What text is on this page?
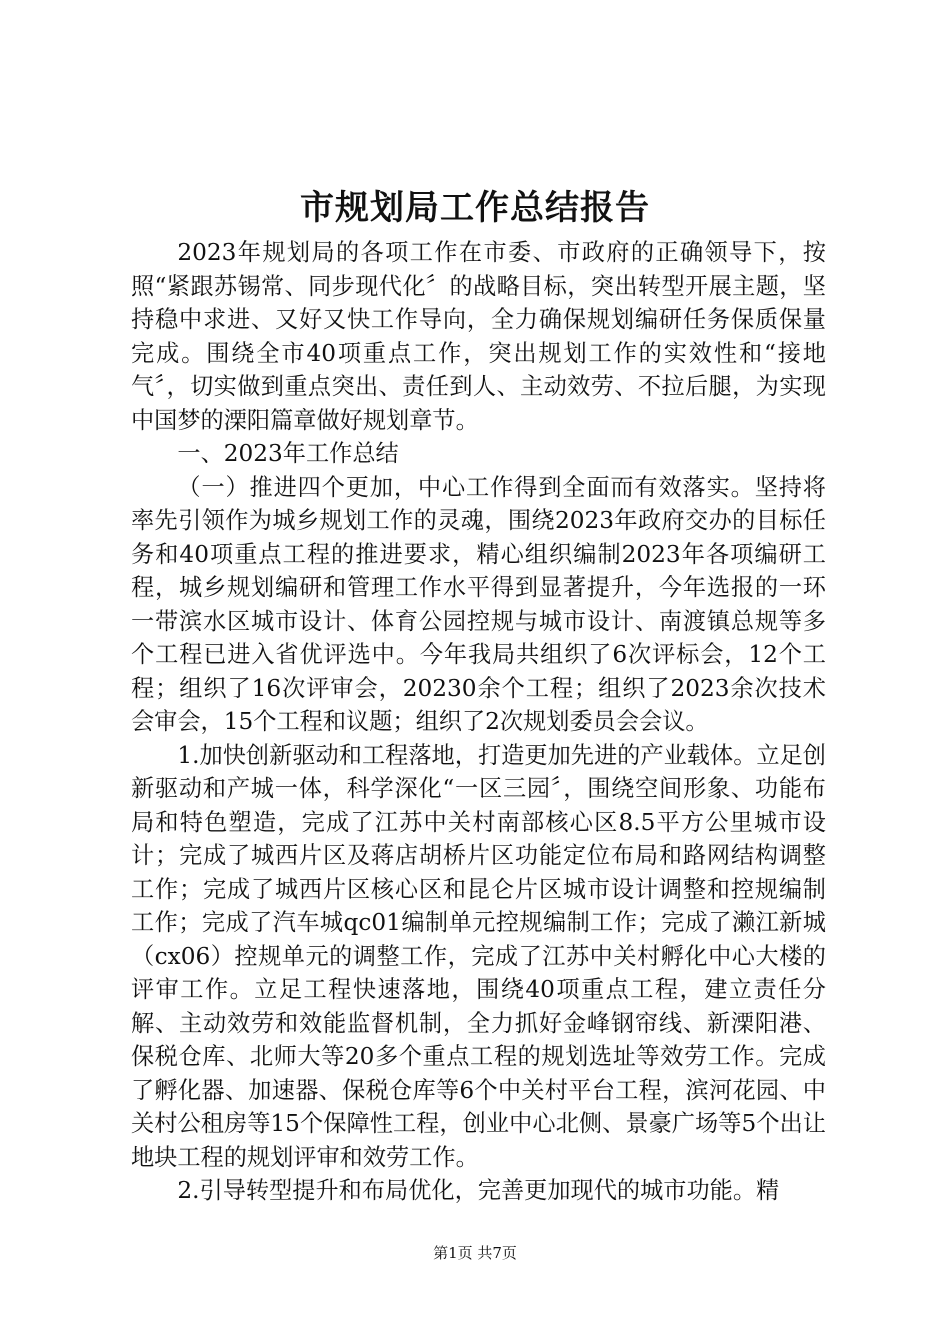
市规划局工作总结报告

2023年规划局的各项工作在市委、市政府的正确领导下，按照“紧跟苏锡常、同步现代化〞的战略目标，突出转型开展主题，坚持稳中求进、又好又快工作导向，全力确保规划编研任务保质保量完成。围绕全市40项重点工作，突出规划工作的实效性和“接地气〞，切实做到重点突出、责任到人、主动效劳、不拉后腿，为实现中国梦的溧阳篇章做好规划章节。

一、2023年工作总结

（一）推进四个更加，中心工作得到全面而有效落实。坚持将率先引领作为城乡规划工作的灵魂，围绕2023年政府交办的目标任务和40项重点工程的推进要求，精心组织编制2023年各项编研工程，城乡规划编研和管理工作水平得到显著提升，今年选报的一环一带滨水区城市设计、体育公园控规与城市设计、南渡镇总规等多个工程已进入省优评选中。今年我局共组织了6次评标会，12个工程；组织了16次评审会，20230余个工程；组织了2023余次技术会审会，15个工程和议题；组织了2次规划委员会会议。

1.加快创新驱动和工程落地，打造更加先进的产业载体。立足创新驱动和产城一体，科学深化“一区三园〞，围绕空间形象、功能布局和特色塑造，完成了江苏中关村南部核心区8.5平方公里城市设计；完成了城西片区及蒋店胡桥片区功能定位布局和路网结构调整工作；完成了城西片区核心区和昆仑片区城市设计调整和控规编制工作；完成了汽车城qc01编制单元控规编制工作；完成了濑江新城（cx06）控规单元的调整工作，完成了江苏中关村孵化中心大楼的评审工作。立足工程快速落地，围绕40项重点工程，建立责任分解、主动效劳和效能监督机制，全力抓好金峰钢帘线、新溧阳港、保税仓库、北师大等20多个重点工程的规划选址等效劳工作。完成了孵化器、加速器、保税仓库等6个中关村平台工程，滨河花园、中关村公租房等15个保障性工程，创业中心北侧、景豪广场等5个出让地块工程的规划评审和效劳工作。

2.引导转型提升和布局优化，完善更加现代的城市功能。精

第1页 共7页
